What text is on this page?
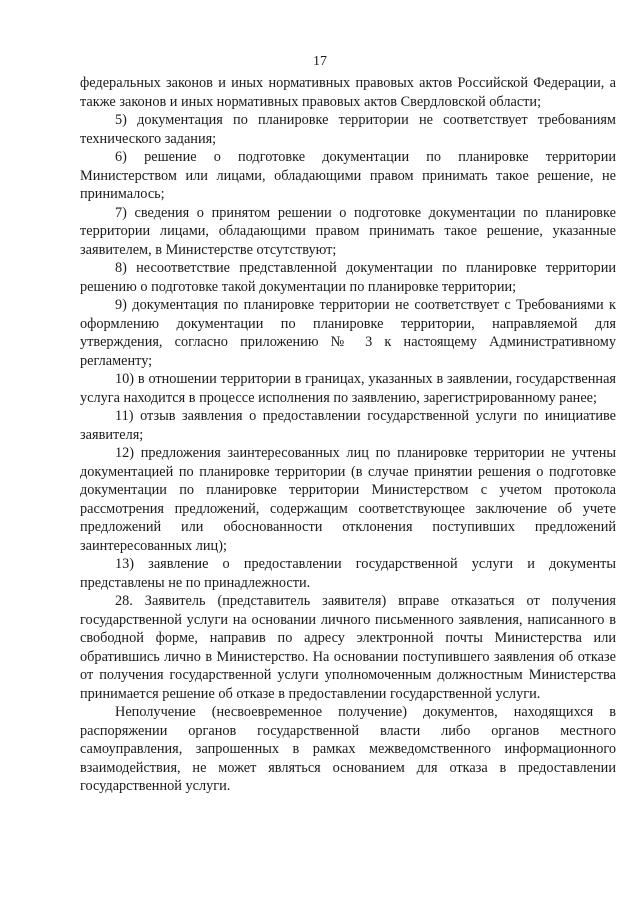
17

федеральных законов и иных нормативных правовых актов Российской Федерации, а также законов и иных нормативных правовых актов Свердловской области;

5) документация по планировке территории не соответствует требованиям технического задания;

6) решение о подготовке документации по планировке территории Министерством или лицами, обладающими правом принимать такое решение, не принималось;

7) сведения о принятом решении о подготовке документации по планировке территории лицами, обладающими правом принимать такое решение, указанные заявителем, в Министерстве отсутствуют;

8) несоответствие представленной документации по планировке территории решению о подготовке такой документации по планировке территории;

9) документация по планировке территории не соответствует с Требованиями к оформлению документации по планировке территории, направляемой для утверждения, согласно приложению № 3 к настоящему Административному регламенту;

10) в отношении территории в границах, указанных в заявлении, государственная услуга находится в процессе исполнения по заявлению, зарегистрированному ранее;

11) отзыв заявления о предоставлении государственной услуги по инициативе заявителя;

12) предложения заинтересованных лиц по планировке территории не учтены документацией по планировке территории (в случае принятии решения о подготовке документации по планировке территории Министерством с учетом протокола рассмотрения предложений, содержащим соответствующее заключение об учете предложений или обоснованности отклонения поступивших предложений заинтересованных лиц);

13) заявление о предоставлении государственной услуги и документы представлены не по принадлежности.

28. Заявитель (представитель заявителя) вправе отказаться от получения государственной услуги на основании личного письменного заявления, написанного в свободной форме, направив по адресу электронной почты Министерства или обратившись лично в Министерство. На основании поступившего заявления об отказе от получения государственной услуги уполномоченным должностным Министерства принимается решение об отказе в предоставлении государственной услуги.

Неполучение (несвоевременное получение) документов, находящихся в распоряжении органов государственной власти либо органов местного самоуправления, запрошенных в рамках межведомственного информационного взаимодействия, не может являться основанием для отказа в предоставлении государственной услуги.
